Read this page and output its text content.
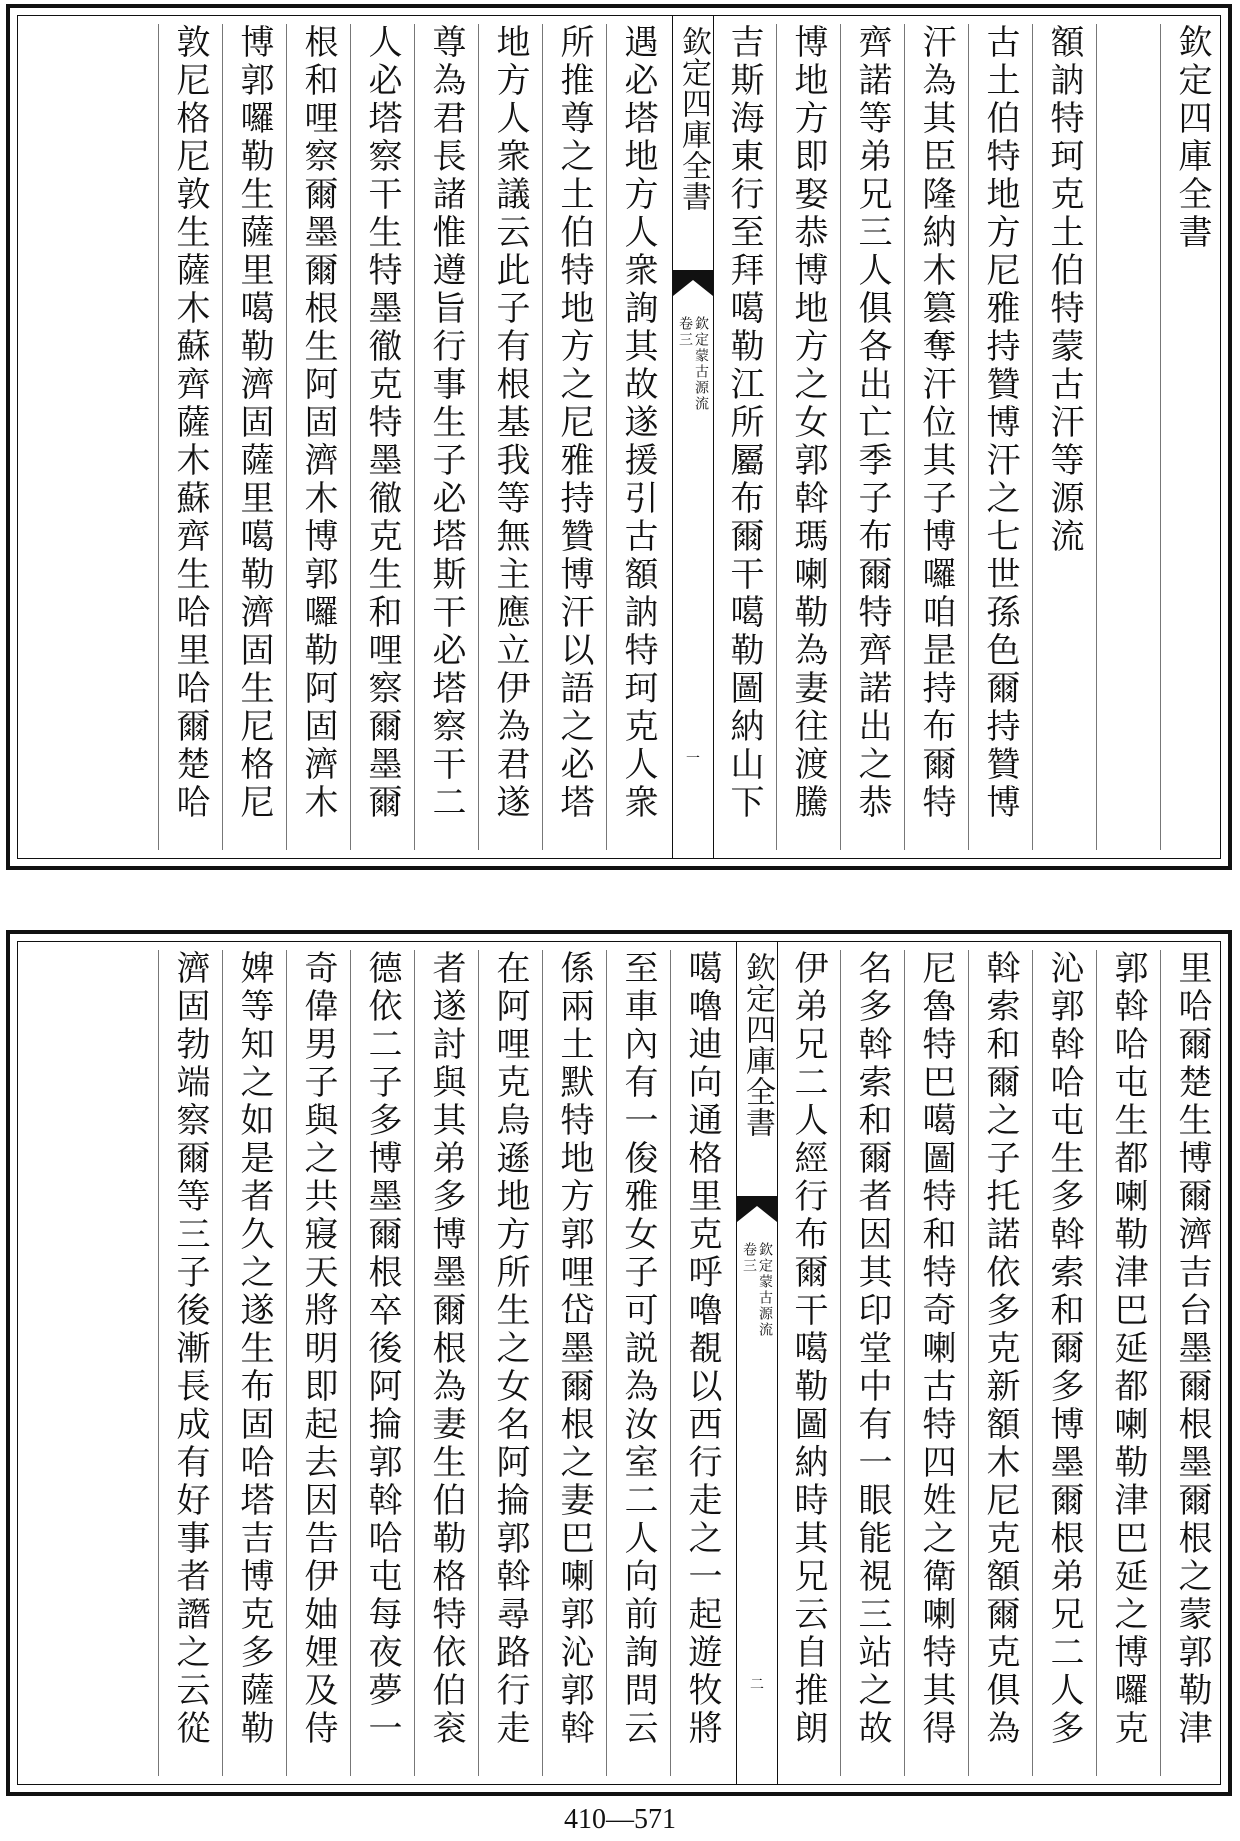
欽定四庫全書
額訥特珂克土伯特蒙古汗等源流
古土伯特地方尼雅持贊博汗之七世孫色爾持贊博
汗為其臣隆納木篡奪汗位其子博囉咱昰持布爾特
齊諾等弟兄三人俱各出亡季子布爾特齊諾出之恭
博地方即娶恭博地方之女郭斡瑪喇勒為妻往渡騰
吉斯海東行至拜噶勒江所屬布爾干噶勒圖納山下
欽定四庫全書
欽定蒙古源流
卷三
一
遇必塔地方人衆詢其故遂援引古額訥特珂克人衆
所推尊之土伯特地方之尼雅持贊博汗以語之必塔
地方人衆議云此子有根基我等無主應立伊為君遂
尊為君長諸惟遵旨行事生子必塔斯干必塔察干二
人必塔察干生特墨徹克特墨徹克生和哩察爾墨爾
根和哩察爾墨爾根生阿固濟木博郭囉勒阿固濟木
博郭囉勒生薩里噶勒濟固薩里噶勒濟固生尼格尼
敦尼格尼敦生薩木蘇齊薩木蘇齊生哈里哈爾楚哈
里哈爾楚生博爾濟吉台墨爾根墨爾根之蒙郭勒津
郭斡哈屯生都喇勒津巴延都喇勒津巴延之博囉克
沁郭斡哈屯生多斡索和爾多博墨爾根弟兄二人多
斡索和爾之子托諾依多克新額木尼克額爾克俱為
尼魯特巴噶圖特和特奇喇古特四姓之衛喇特其得
名多斡索和爾者因其印堂中有一眼能視三站之故
伊弟兄二人經行布爾干噶勒圖納時其兄云自推朗
欽定四庫全書
欽定蒙古源流
卷三
二
噶嚕迪向通格里克呼嚕覩以西行走之一起遊牧將
至車內有一俊雅女子可説為汝室二人向前詢問云
係兩土默特地方郭哩岱墨爾根之妻巴喇郭沁郭斡
在阿哩克烏遜地方所生之女名阿掄郭斡尋路行走
者遂討與其弟多博墨爾根為妻生伯勒格特依伯衮
德依二子多博墨爾根卒後阿掄郭斡哈屯每夜夢一
奇偉男子與之共寢天將明即起去因告伊妯娌及侍
婢等知之如是者久之遂生布固哈塔吉博克多薩勒
濟固勃端察爾等三子後漸長成有好事者譖之云從
410—571
